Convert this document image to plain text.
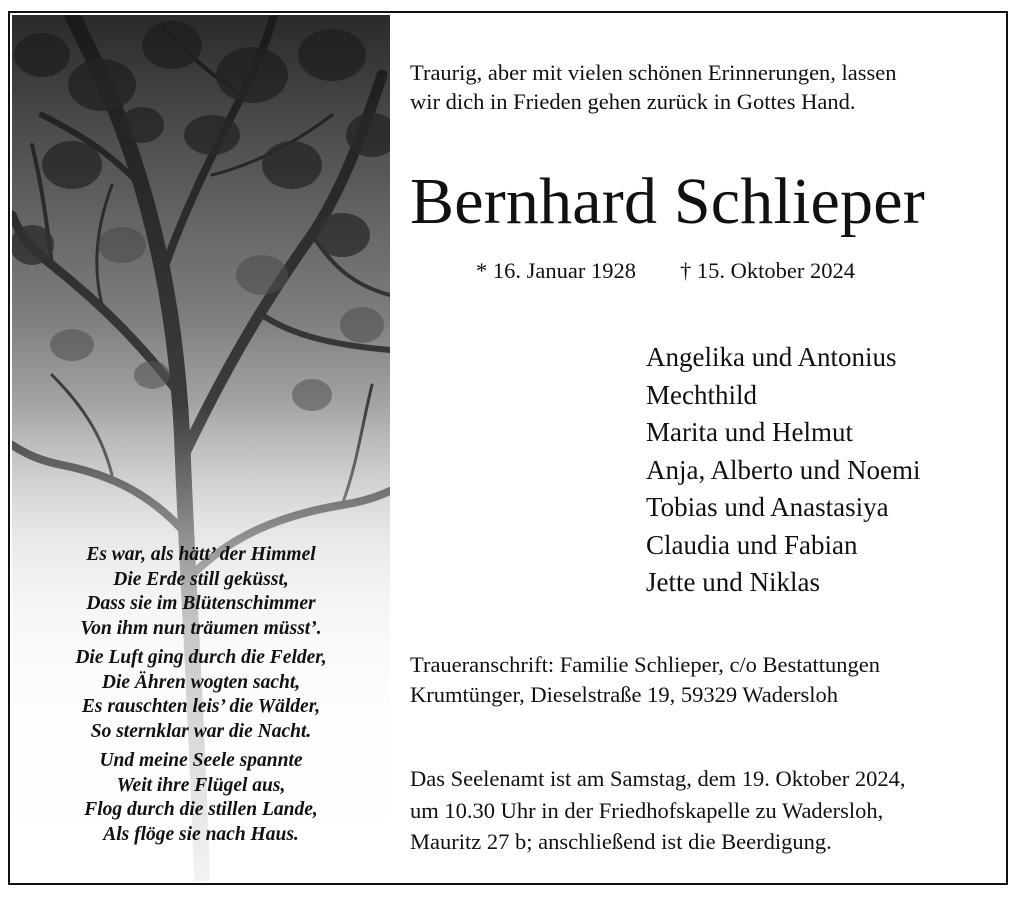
Es war, als hätt’ der Himmel
Die Erde still geküsst,
Dass sie im Blütenschimmer
Von ihm nun träumen müsst’.
Die Luft ging durch die Felder,
Die Ähren wogten sacht,
Es rauschten leis’ die Wälder,
So sternklar war die Nacht.
Und meine Seele spannte
Weit ihre Flügel aus,
Flog durch die stillen Lande,
Als flöge sie nach Haus.
Traurig, aber mit vielen schönen Erinnerungen, lassen
wir dich in Frieden gehen zurück in Gottes Hand.
Bernhard Schlieper
* 16. Januar 1928 † 15. Oktober 2024
Angelika und Antonius
Mechthild
Marita und Helmut
Anja, Alberto und Noemi
Tobias und Anastasiya
Claudia und Fabian
Jette und Niklas
Traueranschrift: Familie Schlieper, c/o Bestattungen
Krumtünger, Dieselstraße 19, 59329 Wadersloh
Das Seelenamt ist am Samstag, dem 19. Oktober 2024,
um 10.30 Uhr in der Friedhofskapelle zu Wadersloh,
Mauritz 27 b; anschließend ist die Beerdigung.
